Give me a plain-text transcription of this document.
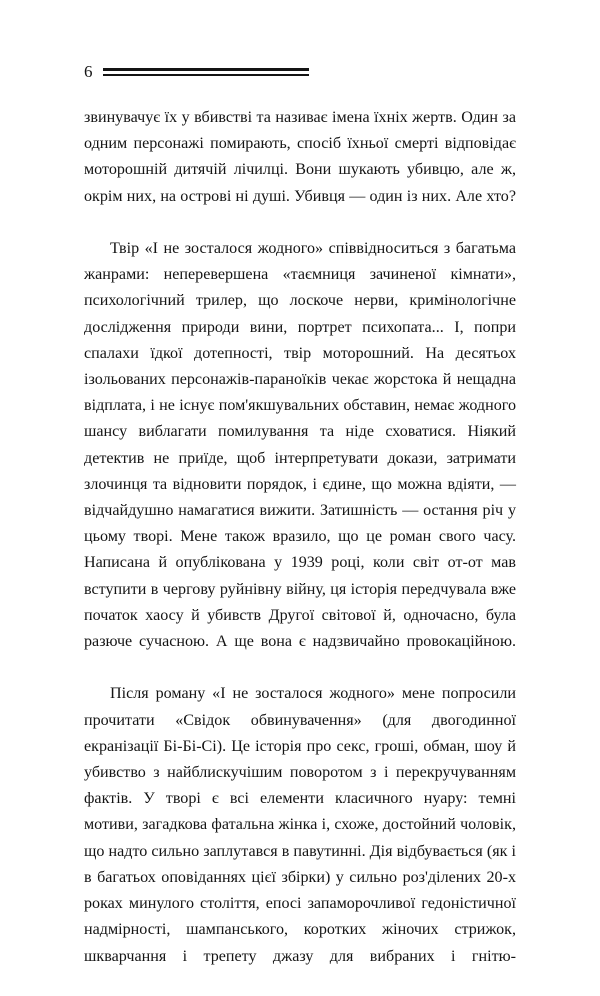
6

звинувачує їх у вбивстві та називає імена їхніх жертв. Один за одним персонажі помирають, спосіб їхньої смерті відповідає моторошній дитячій лічилці. Вони шукають убивцю, але ж, окрім них, на острові ні душі. Убивця — один із них. Але хто?

Твір «І не зосталося жодного» співвідноситься з багатьма жанрами: неперевершена «таємниця зачиненої кімнати», психологічний трилер, що лоскоче нерви, кримінологічне дослідження природи вини, портрет психопата... І, попри спалахи їдкої дотепності, твір моторошний. На десятьох ізольованих персонажів-параноїків чекає жорстока й нещадна відплата, і не існує пом'якшувальних обставин, немає жодного шансу виблагати помилування та ніде сховатися. Ніякий детектив не приїде, щоб інтерпретувати докази, затримати злочинця та відновити порядок, і єдине, що можна вдіяти, — відчайдушно намагатися вижити. Затишність — остання річ у цьому творі. Мене також вразило, що це роман свого часу. Написана й опублікована у 1939 році, коли світ от-от мав вступити в чергову руйнівну війну, ця історія передчувала вже початок хаосу й убивств Другої світової й, одночасно, була разюче сучасною. А ще вона є надзвичайно провокаційною.

Після роману «І не зосталося жодного» мене попросили прочитати «Свідок обвинувачення» (для двогодинної екранізації Бі-Бі-Сі). Це історія про секс, гроші, обман, шоу й убивство з найблискучішим поворотом з і перекручуванням фактів. У творі є всі елементи класичного нуару: темні мотиви, загадкова фатальна жінка і, схоже, достойний чоловік, що надто сильно заплутався в павутинні. Дія відбувається (як і в багатьох оповіданнях цієї збірки) у сильно роз'ділених 20-х роках минулого століття, епосі запаморочливої гедоністичної надмірності, шампанського, коротких жіночих стрижок, шкварчання і трепету джазу для вибраних і гнітю-
